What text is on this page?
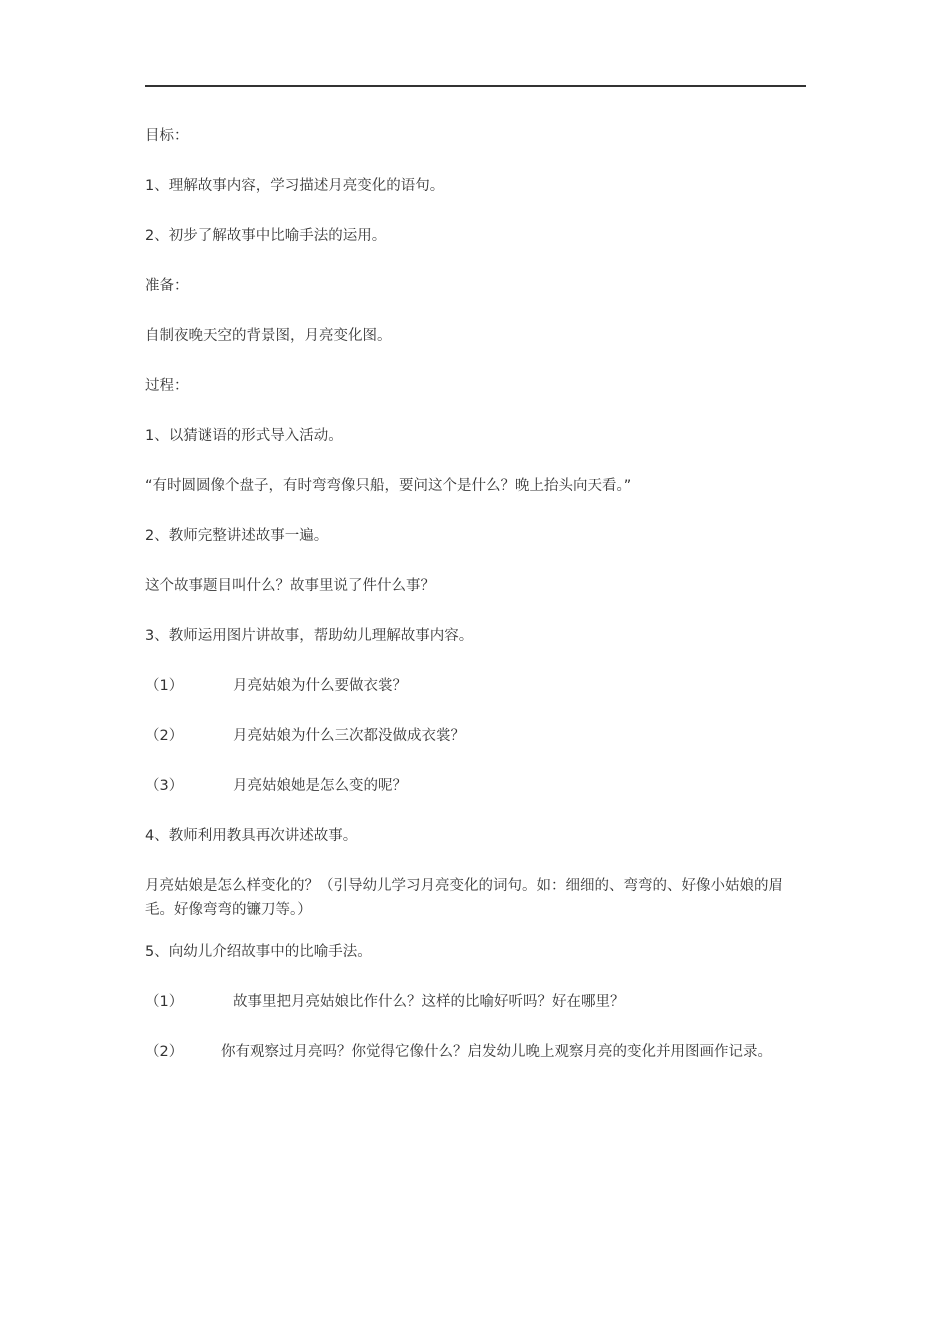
目标：
1、理解故事内容，学习描述月亮变化的语句。
2、初步了解故事中比喻手法的运用。
准备：
自制夜晚天空的背景图，月亮变化图。
过程：
1、以猜谜语的形式导入活动。
“有时圆圆像个盘子，有时弯弯像只船，要问这个是什么？晚上抬头向天看。”
2、教师完整讲述故事一遍。
这个故事题目叫什么？故事里说了件什么事？
3、教师运用图片讲故事，帮助幼儿理解故事内容。
（1）	月亮姑娘为什么要做衣裳？
（2）	月亮姑娘为什么三次都没做成衣裳？
（3）	月亮姑娘她是怎么变的呢？
4、教师利用教具再次讲述故事。
月亮姑娘是怎么样变化的？（引导幼儿学习月亮变化的词句。如：细细的、弯弯的、好像小姑娘的眉毛。好像弯弯的镰刀等。）
5、向幼儿介绍故事中的比喻手法。
（1）	故事里把月亮姑娘比作什么？这样的比喻好听吗？好在哪里？
（2）	你有观察过月亮吗？你觉得它像什么？启发幼儿晚上观察月亮的变化并用图画作记录。
